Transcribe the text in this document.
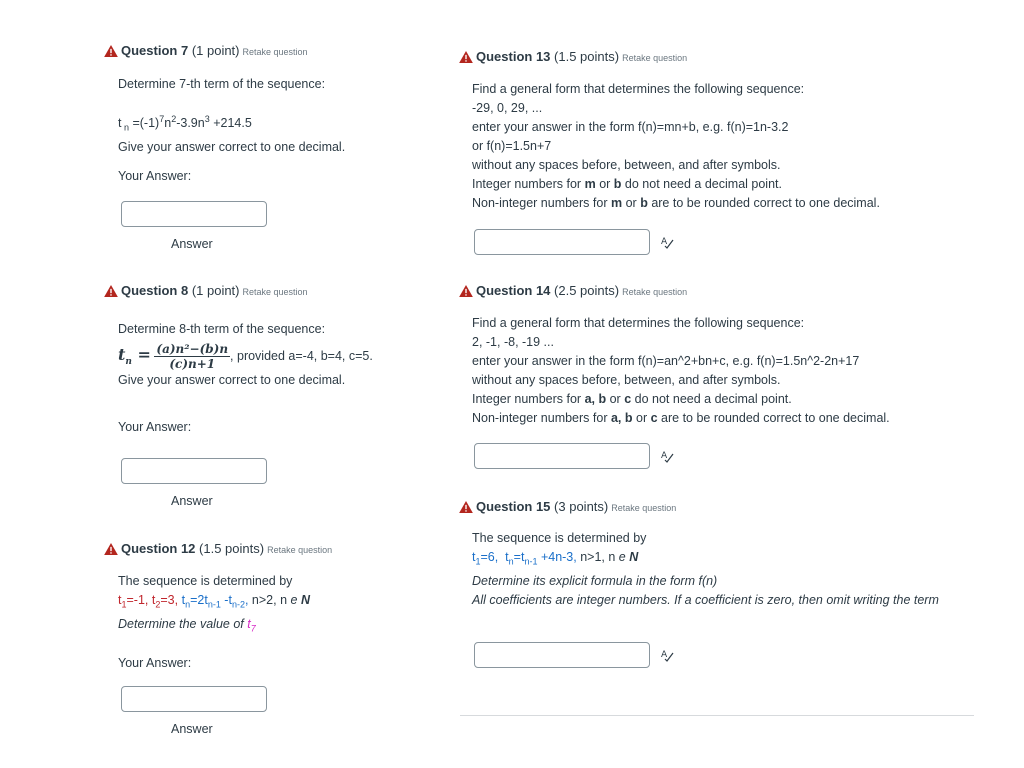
Question 7 (1 point) Retake question

Determine 7-th term of the sequence:

t $_n =(-1)^7n^2-3.9n^3 +214.5$

Give your answer correct to one decimal.

Your Answer:

Answer
Question 8 (1 point) Retake question

Determine 8-th term of the sequence:

$t_n = \frac{\text{(a)n²−(b)n}}{(c)n+1}$ , provided a=-4, b=4, c=5.

Give your answer correct to one decimal.

Your Answer:

Answer
Question 12 (1.5 points) Retake question

The sequence is determined by

$t_1=-1$, $t_2=3$, $t_n=2t_{n-1}$ $-t_{n-2}$, n>2, n e N

Determine the value of $t_7$

Your Answer:

Answer
Question 13 (1.5 points) Retake question

Find a general form that determines the following sequence:

-29, 0, 29, ...

enter your answer in the form f(n)=mn+b, e.g. f(n)=1n-3.2

or f(n)=1.5n+7

without any spaces before, between, and after symbols.

Integer numbers for m or b do not need a decimal point.

Non-integer numbers for m or b are to be rounded correct to one decimal.

A
Question 14 (2.5 points) Retake question

Find a general form that determines the following sequence:

2, -1, -8, -19 ...

enter your answer in the form f(n)=an^2+bn+c, e.g. f(n)=1.5n^2-2n+17

without any spaces before, between, and after symbols.

Integer numbers for a, b or c do not need a decimal point.

Non-integer numbers for a, b or c are to be rounded correct to one decimal.

A
Question 15 (3 points) Retake question

The sequence is determined by

$t_1=6$,  $t_n=t_{n-1} +4n-3$, n>1, n e N

Determine its explicit formula in the form f(n)

All coefficients are integer numbers. If a coefficient is zero, then omit writing the term

A
